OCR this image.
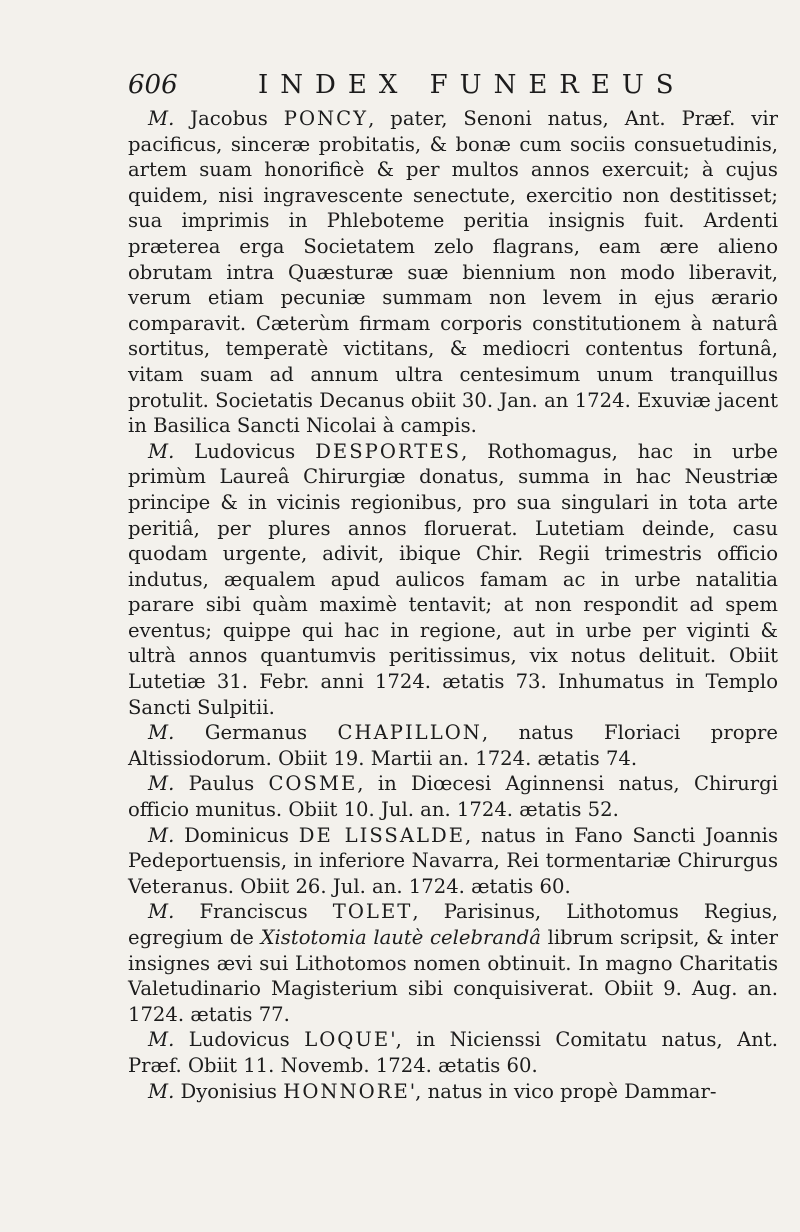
606	INDEX FUNEREUS

M. Jacobus PONCY, pater, Senoni natus, Ant. Præf. vir pacificus, sinceræ probitatis, & bonæ cum sociis consuetudinis, artem suam honorificè & per multos annos exercuit; à cujus quidem, nisi ingravescente senectute, exercitio non destitisset; sua imprimis in Phleboteme peritia insignis fuit. Ardenti præterea erga Societatem zelo flagrans, eam ære alieno obrutam intra Quæsturæ suæ biennium non modo liberavit, verum etiam pecuniæ summam non levem in ejus ærario comparavit. Cæterùm firmam corporis constitutionem à naturâ sortitus, temperatè victitans, & mediocri contentus fortunâ, vitam suam ad annum ultra centesimum unum tranquillus protulit. Societatis Decanus obiit 30. Jan. an 1724. Exuviæ jacent in Basilica Sancti Nicolai à campis.

M. Ludovicus DESPORTES, Rothomagus, hac in urbe primùm Laureâ Chirurgiæ donatus, summa in hac Neustriæ principe & in vicinis regionibus, pro sua singulari in tota arte peritiâ, per plures annos floruerat. Lutetiam deinde, casu quodam urgente, adivit, ibique Chir. Regii trimestris officio indutus, æqualem apud aulicos famam ac in urbe natalitia parare sibi quàm maximè tentavit; at non respondit ad spem eventus; quippe qui hac in regione, aut in urbe per viginti & ultrà annos quantumvis peritissimus, vix notus delituit. Obiit Lutetiæ 31. Febr. anni 1724. ætatis 73. Inhumatus in Templo Sancti Sulpitii.

M. Germanus CHAPILLON, natus Floriaci propre Altissiodorum. Obiit 19. Martii an. 1724. ætatis 74.

M. Paulus COSME, in Diœcesi Aginnensi natus, Chirurgi officio munitus. Obiit 10. Jul. an. 1724. ætatis 52.

M. Dominicus DE LISSALDE, natus in Fano Sancti Joannis Pedeportuensis, in inferiore Navarra, Rei tormentariæ Chirurgus Veteranus. Obiit 26. Jul. an. 1724. ætatis 60.

M. Franciscus TOLET, Parisinus, Lithotomus Regius, egregium de Xistotomia lautè celebrandâ librum scripsit, & inter insignes ævi sui Lithotomos nomen obtinuit. In magno Charitatis Valetudinario Magisterium sibi conquisiverat. Obiit 9. Aug. an. 1724. ætatis 77.

M. Ludovicus LOQUE', in Nicienssi Comitatu natus, Ant. Præf. Obiit 11. Novemb. 1724. ætatis 60.

M. Dyonisius HONNORE', natus in vico propè Dammar-
